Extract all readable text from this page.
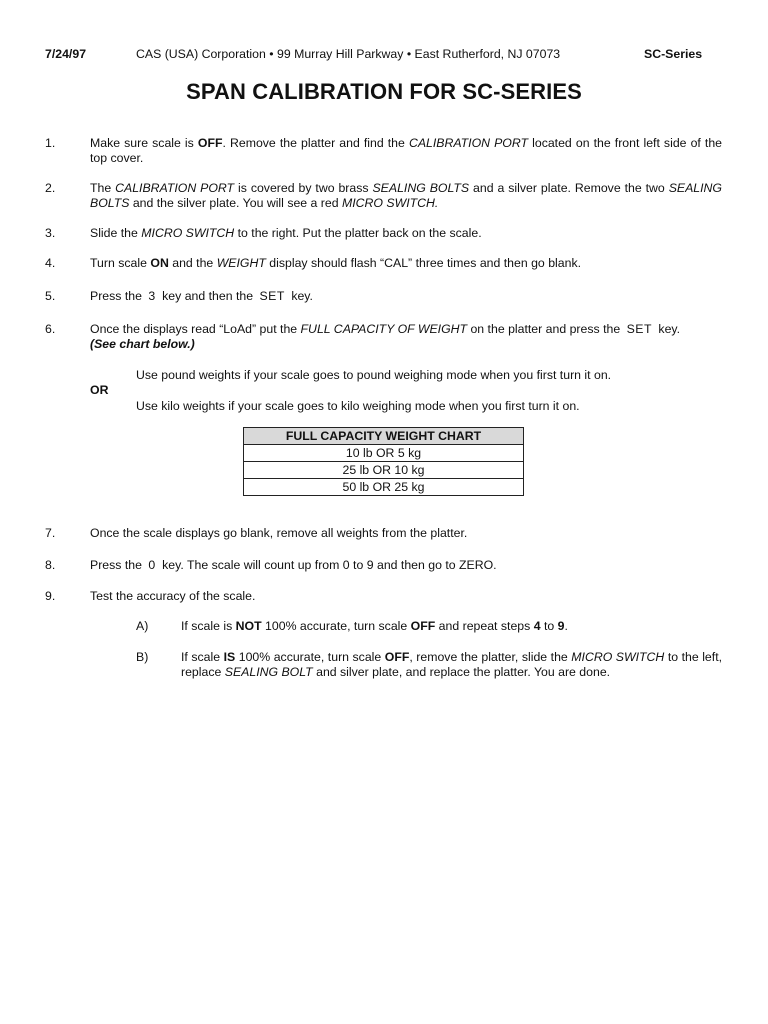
7/24/97	CAS (USA) Corporation • 99 Murray Hill Parkway • East Rutherford, NJ 07073	SC-Series
SPAN CALIBRATION FOR SC-SERIES
1.	Make sure scale is OFF. Remove the platter and find the CALIBRATION PORT located on the front left side of the top cover.
2.	The CALIBRATION PORT is covered by two brass SEALING BOLTS and a silver plate. Remove the two SEALING BOLTS and the silver plate. You will see a red MICRO SWITCH.
3.	Slide the MICRO SWITCH to the right. Put the platter back on the scale.
4.	Turn scale ON and the WEIGHT display should flash “CAL” three times and then go blank.
5.	Press the 3 key and then the SET key.
6.	Once the displays read “LoAd” put the FULL CAPACITY OF WEIGHT on the platter and press the SET key.
(See chart below.)
Use pound weights if your scale goes to pound weighing mode when you first turn it on.
OR
Use kilo weights if your scale goes to kilo weighing mode when you first turn it on.
FULL CAPACITY WEIGHT CHART
10 lb OR 5 kg
25 lb OR 10 kg
50 lb OR 25 kg
7.	Once the scale displays go blank, remove all weights from the platter.
8.	Press the 0 key. The scale will count up from 0 to 9 and then go to ZERO.
9.	Test the accuracy of the scale.
A)	If scale is NOT 100% accurate, turn scale OFF and repeat steps 4 to 9.
B)	If scale IS 100% accurate, turn scale OFF, remove the platter, slide the MICRO SWITCH to the left, replace SEALING BOLT and silver plate, and replace the platter. You are done.
